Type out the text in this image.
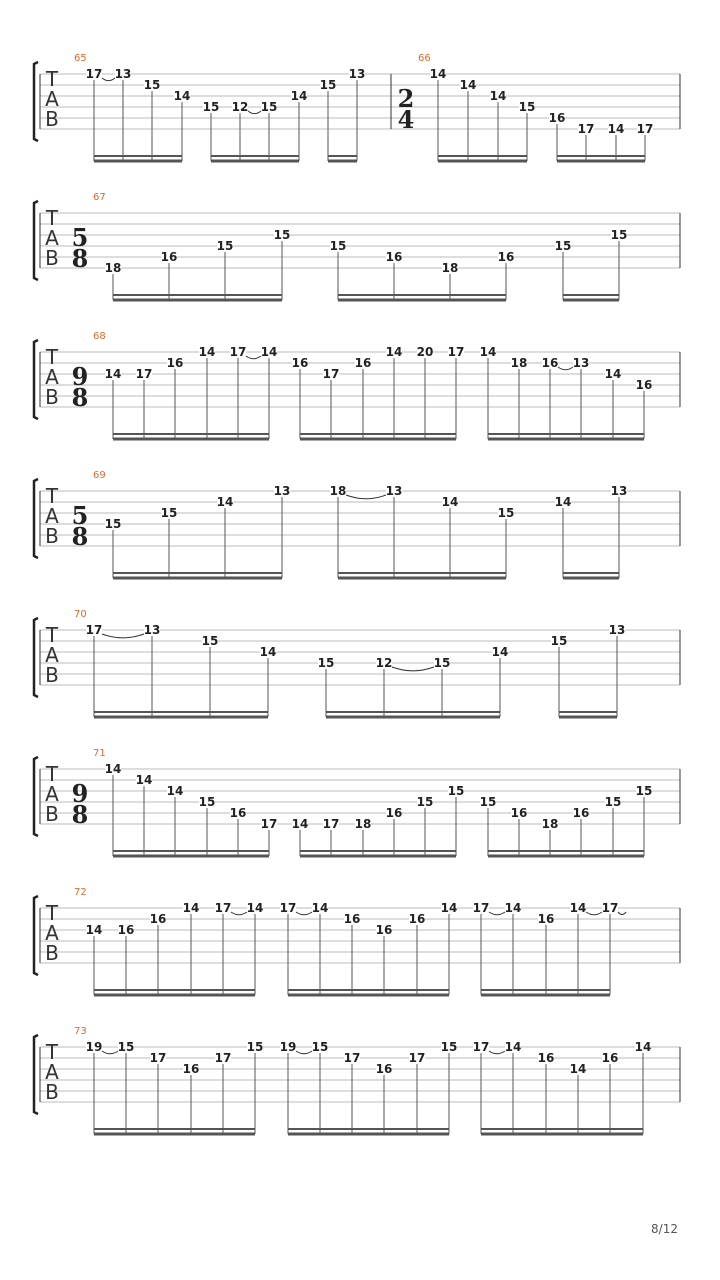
T
A
B
65
17 13
15
14
15 12 15
14
15
13
66
2
4
14
14
14
15
16
17 14 17
T
A
B
67
5
8 18
16
15
15
15
16
18
16
15
15
T
A
B
68
9
8
14 17
16
14 17 14
16
17
16
14 20 17 14
18 16 13
14
16
T
A
B
69
5
8 15
15
14
13	18	13
14
15
14
13
T
A
B
70
17	13
15
14
15	12	15
14
15
13
T
A
B
71
9
8
14
14
14
15
16
17 14 17 18
16
15
15
15
16
18
16
15
15
T
A
B
72
14 16
16
14 17 14 17 14
16
16
16
14 17 14
16
14 17
T
A
B
73
19 15
17
16
17
15 19 15
17
16
17
15 17 14
16
14
16
14
8/12
